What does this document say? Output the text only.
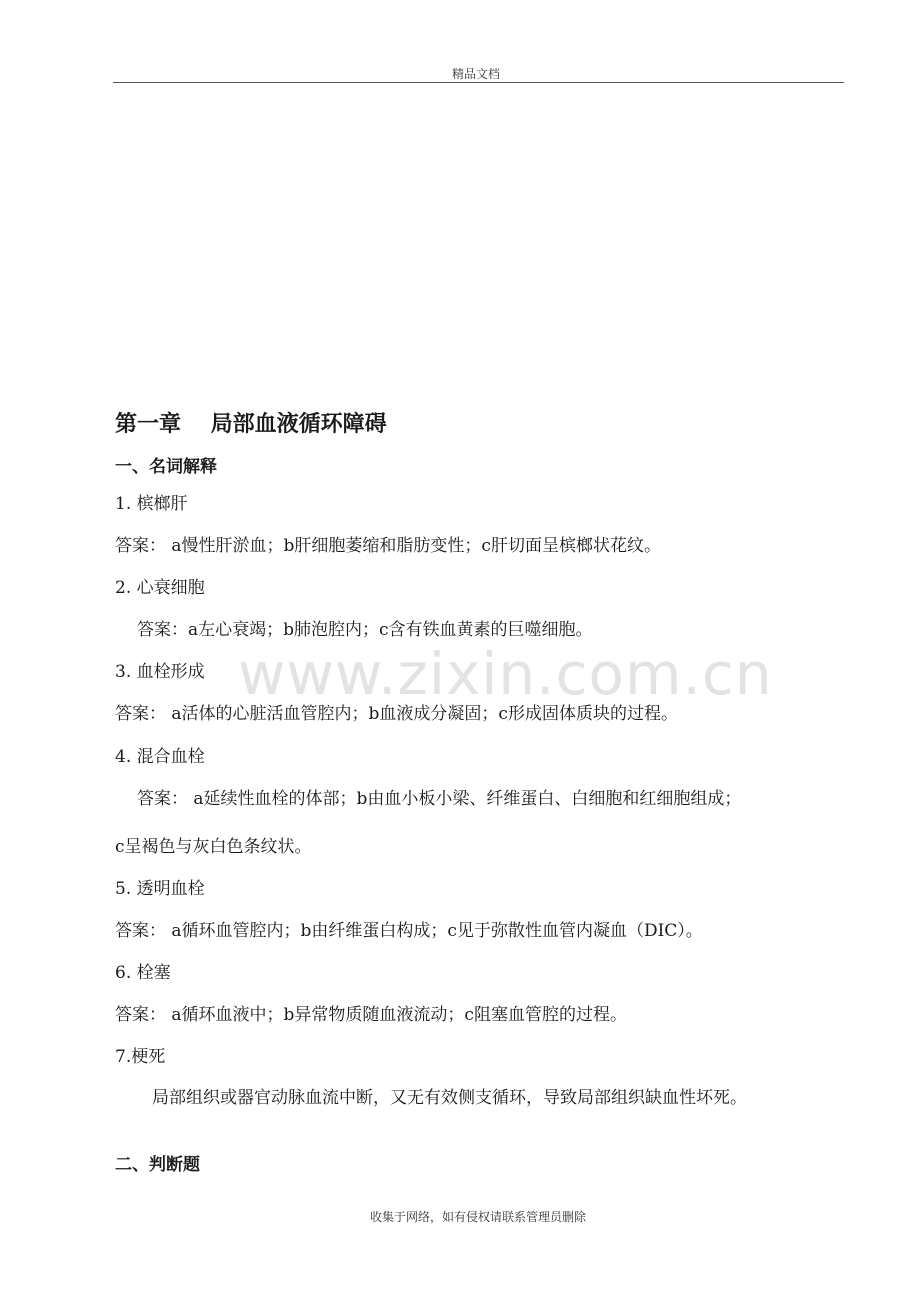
精品文档
www.zixin.com.cn
第一章　 局部血液循环障碍
一、名词解释
1. 槟榔肝
答案： a慢性肝淤血；b肝细胞萎缩和脂肪变性；c肝切面呈槟榔状花纹。
2. 心衰细胞
答案：a左心衰竭；b肺泡腔内；c含有铁血黄素的巨噬细胞。
3. 血栓形成
答案： a活体的心脏活血管腔内；b血液成分凝固；c形成固体质块的过程。
4. 混合血栓
答案： a延续性血栓的体部；b由血小板小梁、纤维蛋白、白细胞和红细胞组成；
c呈褐色与灰白色条纹状。
5. 透明血栓
答案： a循环血管腔内；b由纤维蛋白构成；c见于弥散性血管内凝血（DIC）。
6. 栓塞
答案： a循环血液中；b异常物质随血液流动；c阻塞血管腔的过程。
7.梗死
局部组织或器官动脉血流中断，又无有效侧支循环，导致局部组织缺血性坏死。
二、判断题
收集于网络，如有侵权请联系管理员删除
